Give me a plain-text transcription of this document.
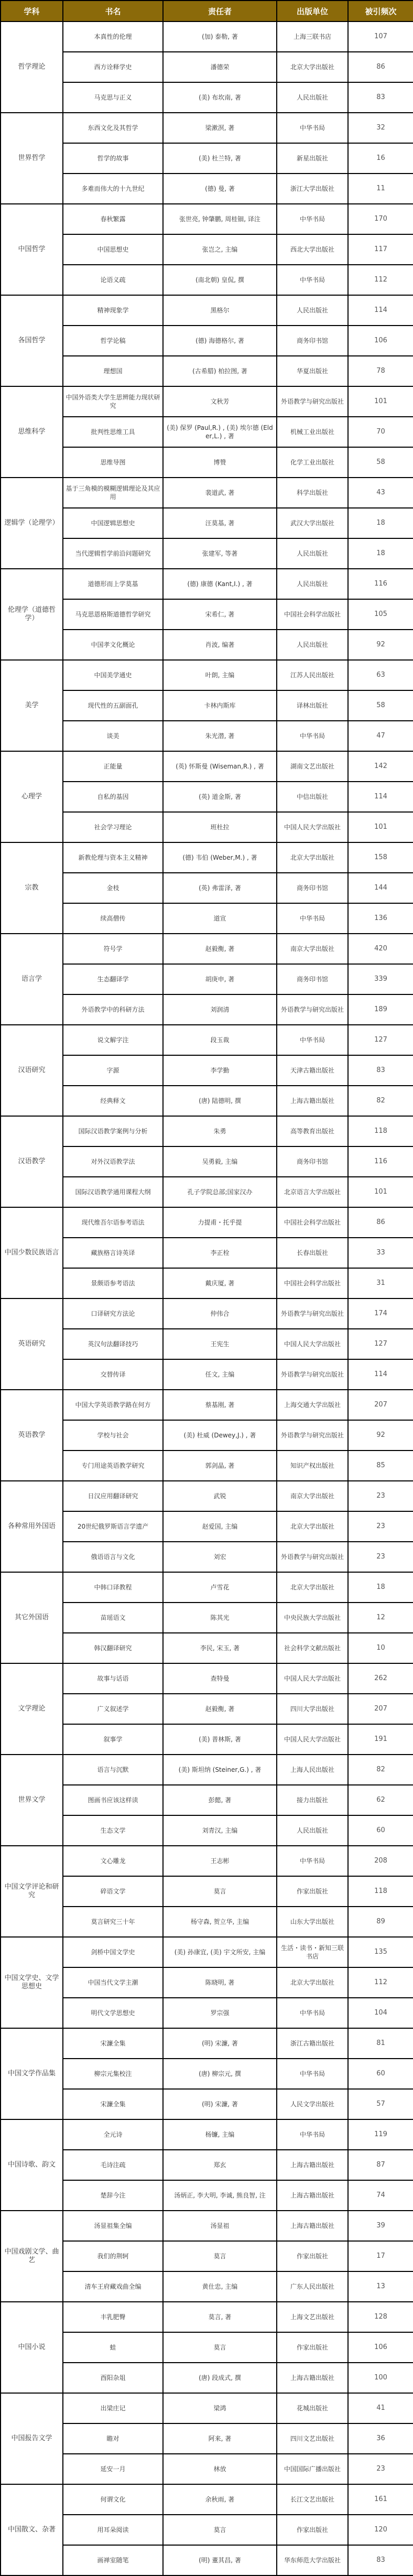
学科	书名	责任者	出版单位	被引频次
哲学理论	本真性的伦理	(加) 泰勒, 著	上海三联书店	107
	西方诠释学史	潘德荣	北京大学出版社	86
	马克思与正义	(美) 布坎南, 著	人民出版社	83
世界哲学	东西文化及其哲学	梁漱溟, 著	中华书局	32
	哲学的故事	(美) 杜兰特, 著	新星出版社	16
	多难而伟大的十九世纪	(德) 曼, 著	浙江大学出版社	11
中国哲学	春秋繁露	张世亮, 钟肇鹏, 周桂钿, 译注	中华书局	170
	中国思想史	张岂之, 主编	西北大学出版社	117
	论语义疏	(南北朝) 皇侃, 撰	中华书局	112
各国哲学	精神现象学	黑格尔	人民出版社	114
	哲学论稿	(德) 海德格尔, 著	商务印书馆	106
	理想国	(古希腊) 柏拉图, 著	华夏出版社	78
思维科学	中国外语类大学生思辨能力现状研究	文秋芳	外语教学与研究出版社	101
	批判性思维工具	(美) 保罗 (Paul,R.) , (美) 埃尔德 (Elder,L.) , 著	机械工业出版社	70
	思维导图	博赞	化学工业出版社	58
逻辑学（论理学）	基于三角模的模糊逻辑理论及其应用	裴道武, 著	科学出版社	43
	中国逻辑思想史	汪莫基, 著	武汉大学出版社	18
	当代逻辑哲学前沿问题研究	张建军, 等著	人民出版社	18
伦理学（道德哲学）	道德形而上学莫基	(德) 康德 (Kant,I.) , 著	人民出版社	116
	马克思恩格斯道德哲学研究	宋希仁, 著	中国社会科学出版社	105
	中国孝文化概论	肖波, 编著	人民出版社	92
美学	中国美学通史	叶朗, 主编	江苏人民出版社	63
	现代性的五副面孔	卡林内斯库	译林出版社	58
	谈美	朱光潜, 著	中华书局	47
心理学	正能量	(英) 怀斯曼 (Wiseman,R.) , 著	湖南文艺出版社	142
	自私的基因	(英) 道金斯, 著	中信出版社	114
	社会学习理论	班杜拉	中国人民大学出版社	101
宗教	新教伦理与资本主义精神	(德) 韦伯 (Weber,M.) , 著	北京大学出版社	158
	金枝	(英) 弗雷泽, 著	商务印书馆	144
	续高僧传	道宣	中华书局	136
语言学	符号学	赵毅衡, 著	南京大学出版社	420
	生态翻译学	胡庚申, 著	商务印书馆	339
	外语教学中的科研方法	刘润清	外语教学与研究出版社	189
汉语研究	说文解字注	段玉裁	中华书局	127
	字源	李学勤	天津古籍出版社	83
	经典释文	(唐) 陆德明, 撰	上海古籍出版社	82
汉语教学	国际汉语教学案例与分析	朱勇	高等教育出版社	118
	对外汉语教学法	吴勇毅, 主编	商务印书馆	116
	国际汉语教学通用课程大纲	孔子学院总部;国家汉办	北京语言大学出版社	101
中国少数民族语言	现代维吾尔语参考语法	力提甫・托乎提	中国社会科学出版社	86
	藏族格言诗英译	李正栓	长春出版社	33
	景颇语参考语法	戴庆厦, 著	中国社会科学出版社	31
英语研究	口译研究方法论	仲伟合	外语教学与研究出版社	174
	英汉句法翻译技巧	王宪生	中国人民大学出版社	127
	交替传译	任文, 主编	外语教学与研究出版社	114
英语教学	中国大学英语教学路在何方	蔡基刚, 著	上海交通大学出版社	207
	学校与社会	(美) 杜威 (Dewey,J.) , 著	外语教学与研究出版社	92
	专门用途英语教学研究	郭剑晶, 著	知识产权出版社	85
各种常用外国语	日汉应用翻译研究	武锐	南京大学出版社	23
	20世纪俄罗斯语言学遗产	赵爱国, 主编	北京大学出版社	23
	俄语语言与文化	刘宏	外语教学与研究出版社	23
其它外国语	中韩口译教程	卢雪花	北京大学出版社	18
	苗瑶语文	陈其光	中央民族大学出版社	12
	韩汉翻译研究	李民, 宋玉, 著	社会科学文献出版社	10
文学理论	故事与话语	查特曼	中国人民大学出版社	262
	广义叙述学	赵毅衡, 著	四川大学出版社	207
	叙事学	(美) 普林斯, 著	中国人民大学出版社	191
世界文学	语言与沉默	(美) 斯坦纳 (Steiner,G.) , 著	上海人民出版社	82
	图画书应该这样读	彭懿, 著	接力出版社	62
	生态文学	刘青汉, 主编	人民出版社	60
中国文学评论和研究	文心雕龙	王志彬	中华书局	208
	碎语文学	莫言	作家出版社	118
	莫言研究三十年	杨守森, 贺立华, 主编	山东大学出版社	89
中国文学史、文学思想史	剑桥中国文学史	(美) 孙康宜, (美) 宇文所安, 主编	生活・读书・新知三联书店	135
	中国当代文学主潮	陈晓明, 著	北京大学出版社	112
	明代文学思想史	罗宗强	中华书局	104
中国文学作品集	宋濂全集	(明) 宋濂, 著	浙江古籍出版社	81
	柳宗元集校注	(唐) 柳宗元, 撰	中华书局	60
	宋濂全集	(明) 宋濂, 著	人民文学出版社	57
中国诗歌、韵文	全元诗	杨镰, 主编	中华书局	119
	毛诗注疏	郑玄	上海古籍出版社	87
	楚辞今注	汤炳正, 李大明, 李诚, 熊良智, 注	上海古籍出版社	74
中国戏剧文学、曲艺	汤显祖集全编	汤显祖	上海古籍出版社	39
	我们的荆轲	莫言	作家出版社	17
	清车王府藏戏曲全编	黄仕忠, 主编	广东人民出版社	13
中国小说	丰乳肥臀	莫言, 著	上海文艺出版社	128
	蛙	莫言	作家出版社	106
	酉阳杂俎	(唐) 段成式, 撰	上海古籍出版社	100
中国报告文学	出梁庄记	梁鸿	花城出版社	41
	瞻对	阿来, 著	四川文艺出版社	36
	延安一月	林放	中国国际广播出版社	23
中国散文、杂著	何谓文化	余秋雨, 著	长江文艺出版社	161
	用耳朵阅读	莫言	作家出版社	120
	画禅室随笔	(明) 董其昌, 著	华东师范大学出版社	83
